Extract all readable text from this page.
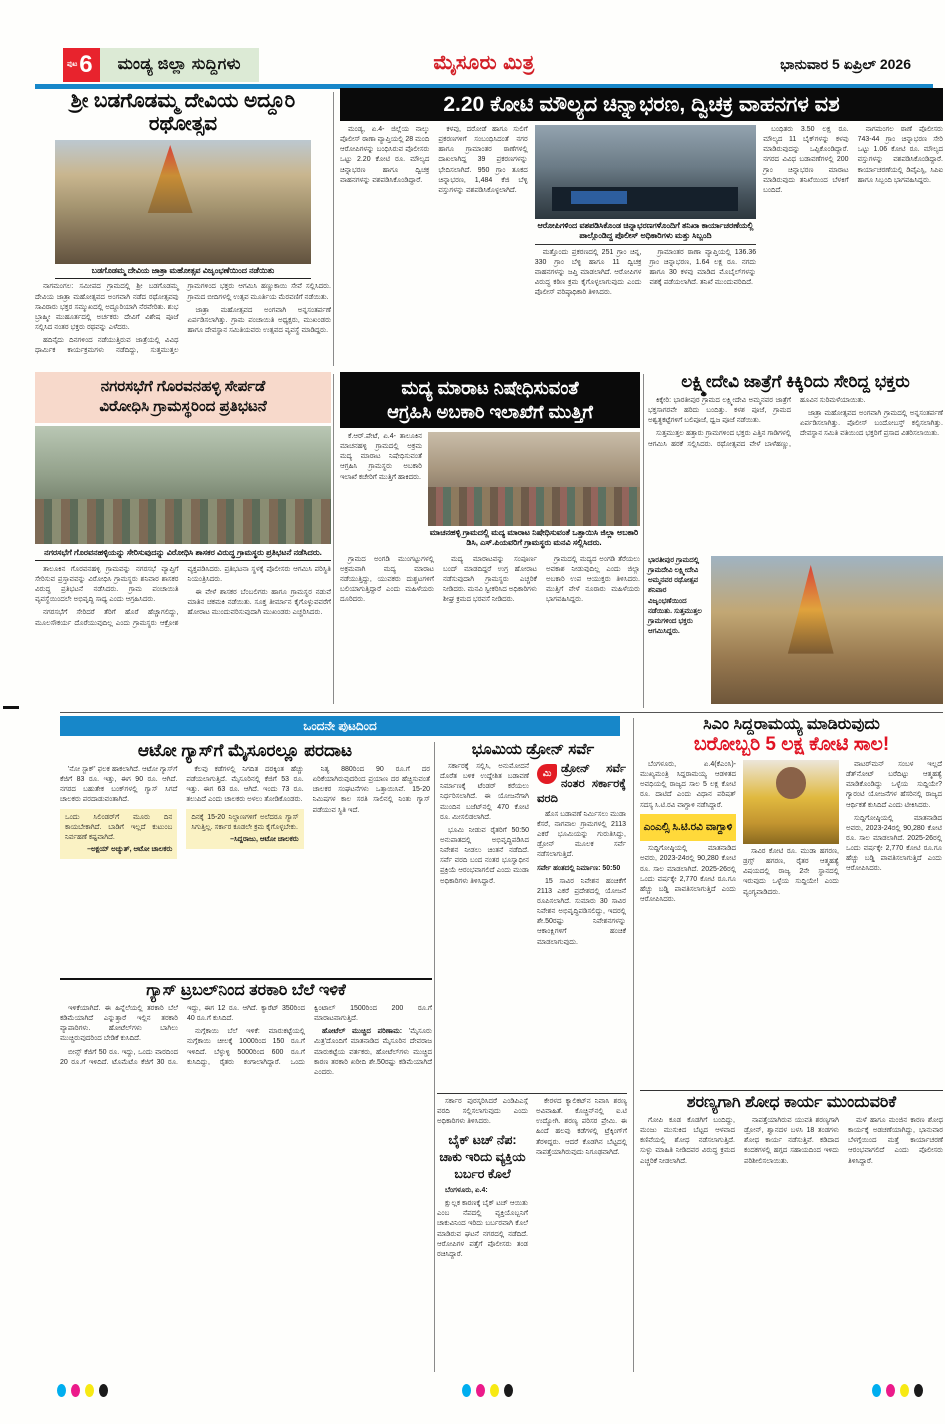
ಪುಟ 6	ಮಂಡ್ಯ ಜಿಲ್ಲಾ ಸುದ್ದಿಗಳು	ಮೈಸೂರು ಮಿತ್ರ	ಭಾನುವಾರ 5 ಏಪ್ರಿಲ್ 2026
ಶ್ರೀ ಬಡಗೊಡಮ್ಮ ದೇವಿಯ ಅದ್ದೂರಿ ರಥೋತ್ಸವ
ಬಡಗೊಡಮ್ಮ ದೇವಿಯ ಜಾತ್ರಾ ಮಹೋತ್ಸವ ವಿಜೃಂಭಣೆಯಿಂದ ನಡೆಯಿತು

ನಾಗಮಂಗಲ: ಸಮೀಪದ ಗ್ರಾಮದಲ್ಲಿ ಶ್ರೀ ಬಡಗೊಡಮ್ಮ ದೇವಿಯ ಜಾತ್ರಾ ಮಹೋತ್ಸವದ ಅಂಗವಾಗಿ ನಡೆದ ರಥೋತ್ಸವವು ಸಾವಿರಾರು ಭಕ್ತರ ಸಮ್ಮುಖದಲ್ಲಿ ಅದ್ದೂರಿಯಾಗಿ ನೆರವೇರಿತು. ಶುಭ ಬ್ರಾಹ್ಮೀ ಮುಹೂರ್ತದಲ್ಲಿ ಅರ್ಚಕರು ದೇವಿಗೆ ವಿಶೇಷ ಪೂಜೆ ಸಲ್ಲಿಸಿದ ನಂತರ ಭಕ್ತರು ರಥವನ್ನು ಎಳೆದರು.

ಹದಿನೈದು ದಿನಗಳಿಂದ ನಡೆಯುತ್ತಿರುವ ಜಾತ್ರೆಯಲ್ಲಿ ವಿವಿಧ ಧಾರ್ಮಿಕ ಕಾರ್ಯಕ್ರಮಗಳು ನಡೆದಿದ್ದು, ಸುತ್ತಮುತ್ತಲ ಗ್ರಾಮಗಳಿಂದ ಭಕ್ತರು ಆಗಮಿಸಿ ಹಣ್ಣುಕಾಯಿ ಸೇವೆ ಸಲ್ಲಿಸಿದರು. ಗ್ರಾಮದ ಬೀದಿಗಳಲ್ಲಿ ಉತ್ಸವ ಮೂರ್ತಿಯ ಮೆರವಣಿಗೆ ನಡೆಯಿತು.

ಜಾತ್ರಾ ಮಹೋತ್ಸವದ ಅಂಗವಾಗಿ ಅನ್ನಸಂತರ್ಪಣೆ ಏರ್ಪಡಿಸಲಾಗಿತ್ತು. ಗ್ರಾಮ ಪಂಚಾಯಿತಿ ಅಧ್ಯಕ್ಷರು, ಮುಖಂಡರು ಹಾಗೂ ದೇವಸ್ಥಾನ ಸಮಿತಿಯವರು ಉತ್ಸವದ ವ್ಯವಸ್ಥೆ ಮಾಡಿದ್ದರು.

2.20 ಕೋಟಿ ಮೌಲ್ಯದ ಚಿನ್ನಾಭರಣ, ದ್ವಿಚಕ್ರ ವಾಹನಗಳ ವಶ

ಮಂಡ್ಯ, ಏ.4- ಜಿಲ್ಲೆಯ ನಾಲ್ಕು ಪೊಲೀಸ್ ಠಾಣಾ ವ್ಯಾಪ್ತಿಯಲ್ಲಿ 28 ಮಂದಿ ಆರೋಪಿಗಳನ್ನು ಬಂಧಿಸಿರುವ ಪೊಲೀಸರು ಒಟ್ಟು 2.20 ಕೋಟಿ ರೂ. ಮೌಲ್ಯದ ಚಿನ್ನಾಭರಣ ಹಾಗೂ ದ್ವಿಚಕ್ರ ವಾಹನಗಳನ್ನು ವಶಪಡಿಸಿಕೊಂಡಿದ್ದಾರೆ.

ಕಳವು, ದರೋಡೆ ಹಾಗೂ ಸುಲಿಗೆ ಪ್ರಕರಣಗಳಿಗೆ ಸಂಬಂಧಿಸಿದಂತೆ ನಗರ ಹಾಗೂ ಗ್ರಾಮಾಂತರ ಠಾಣೆಗಳಲ್ಲಿ ದಾಖಲಾಗಿದ್ದ 39 ಪ್ರಕರಣಗಳನ್ನು ಭೇದಿಸಲಾಗಿದೆ. 950 ಗ್ರಾಂ ತೂಕದ ಚಿನ್ನಾಭರಣ, 1,484 ಕೆಜಿ ಬೆಳ್ಳಿ ವಸ್ತುಗಳನ್ನು ವಶಪಡಿಸಿಕೊಳ್ಳಲಾಗಿದೆ.

ಆರೋಪಿಗಳಿಂದ ವಶಪಡಿಸಿಕೊಂಡ ಚಿನ್ನಾಭರಣಗಳೊಂದಿಗೆ ತನಿಖಾ ಕಾರ್ಯಾಚರಣೆಯಲ್ಲಿ ಪಾಲ್ಗೊಂಡಿದ್ದ ಪೊಲೀಸ್ ಅಧಿಕಾರಿಗಳು ಮತ್ತು ಸಿಬ್ಬಂದಿ

ಮತ್ತೊಂದು ಪ್ರಕರಣದಲ್ಲಿ 251 ಗ್ರಾಂ ಚಿನ್ನ, 330 ಗ್ರಾಂ ಬೆಳ್ಳಿ ಹಾಗೂ 11 ದ್ವಿಚಕ್ರ ವಾಹನಗಳನ್ನು ಜಪ್ತಿ ಮಾಡಲಾಗಿದೆ. ಆರೋಪಿಗಳ ವಿರುದ್ಧ ಕಠಿಣ ಕ್ರಮ ಕೈಗೊಳ್ಳಲಾಗುವುದು ಎಂದು ಪೊಲೀಸ್ ವರಿಷ್ಠಾಧಿಕಾರಿ ತಿಳಿಸಿದರು.

ಗ್ರಾಮಾಂತರ ಠಾಣಾ ವ್ಯಾಪ್ತಿಯಲ್ಲಿ 136.36 ಗ್ರಾಂ ಚಿನ್ನಾಭರಣ, 1.64 ಲಕ್ಷ ರೂ. ನಗದು ಹಾಗೂ 30 ಕಳವು ಮಾಡಿದ ಮೊಬೈಲ್‌ಗಳನ್ನು ವಶಕ್ಕೆ ಪಡೆಯಲಾಗಿದೆ. ತನಿಖೆ ಮುಂದುವರಿದಿದೆ.

ಬಂಧಿತರು 3.50 ಲಕ್ಷ ರೂ. ಮೌಲ್ಯದ 11 ಬೈಕ್‌ಗಳನ್ನು ಕಳವು ಮಾಡಿರುವುದನ್ನು ಒಪ್ಪಿಕೊಂಡಿದ್ದಾರೆ. ನಗರದ ವಿವಿಧ ಬಡಾವಣೆಗಳಲ್ಲಿ 200 ಗ್ರಾಂ ಚಿನ್ನಾಭರಣ ಮಾರಾಟ ಮಾಡಿರುವುದು ತನಿಖೆಯಿಂದ ಬೆಳಕಿಗೆ ಬಂದಿದೆ.

ನಾಗಮಂಗಲ ಠಾಣೆ ಪೊಲೀಸರು 743-44 ಗ್ರಾಂ ಚಿನ್ನಾಭರಣ ಸೇರಿ ಒಟ್ಟು 1.06 ಕೋಟಿ ರೂ. ಮೌಲ್ಯದ ವಸ್ತುಗಳನ್ನು ವಶಪಡಿಸಿಕೊಂಡಿದ್ದಾರೆ. ಕಾರ್ಯಾಚರಣೆಯಲ್ಲಿ ಡಿವೈಎಸ್ಪಿ, ಸಿಪಿಐ ಹಾಗೂ ಸಿಬ್ಬಂದಿ ಭಾಗವಹಿಸಿದ್ದರು.

ನಗರಸಭೆಗೆ ಗೊರವನಹಳ್ಳಿ ಸೇರ್ಪಡೆ
ವಿರೋಧಿಸಿ ಗ್ರಾಮಸ್ಥರಿಂದ ಪ್ರತಿಭಟನೆ
ನಗರಸಭೆಗೆ ಗೊರವನಹಳ್ಳಿಯನ್ನು ಸೇರಿಸುವುದನ್ನು ವಿರೋಧಿಸಿ ಶಾಸಕರ ವಿರುದ್ಧ ಗ್ರಾಮಸ್ಥರು ಪ್ರತಿಭಟನೆ ನಡೆಸಿದರು.

ತಾಲೂಕಿನ ಗೊರವನಹಳ್ಳಿ ಗ್ರಾಮವನ್ನು ನಗರಸಭೆ ವ್ಯಾಪ್ತಿಗೆ ಸೇರಿಸುವ ಪ್ರಸ್ತಾವವನ್ನು ವಿರೋಧಿಸಿ ಗ್ರಾಮಸ್ಥರು ಶನಿವಾರ ಶಾಸಕರ ವಿರುದ್ಧ ಪ್ರತಿಭಟನೆ ನಡೆಸಿದರು. ಗ್ರಾಮ ಪಂಚಾಯಿತಿ ವ್ಯವಸ್ಥೆಯಿಂದಲೇ ಅಭಿವೃದ್ಧಿ ಸಾಧ್ಯ ಎಂದು ಆಗ್ರಹಿಸಿದರು.

ನಗರಸಭೆಗೆ ಸೇರಿದರೆ ತೆರಿಗೆ ಹೊರೆ ಹೆಚ್ಚಾಗಲಿದ್ದು, ಮೂಲಸೌಕರ್ಯ ದೊರೆಯುವುದಿಲ್ಲ ಎಂದು ಗ್ರಾಮಸ್ಥರು ಆಕ್ರೋಶ ವ್ಯಕ್ತಪಡಿಸಿದರು. ಪ್ರತಿಭಟನಾ ಸ್ಥಳಕ್ಕೆ ಪೊಲೀಸರು ಆಗಮಿಸಿ ಪರಿಸ್ಥಿತಿ ನಿಯಂತ್ರಿಸಿದರು.

ಈ ವೇಳೆ ಶಾಸಕರ ಬೆಂಬಲಿಗರು ಹಾಗೂ ಗ್ರಾಮಸ್ಥರ ನಡುವೆ ಮಾತಿನ ಚಕಮಕಿ ನಡೆಯಿತು. ಸೂಕ್ತ ತೀರ್ಮಾನ ಕೈಗೊಳ್ಳುವವರೆಗೆ ಹೋರಾಟ ಮುಂದುವರಿಸುವುದಾಗಿ ಮುಖಂಡರು ಎಚ್ಚರಿಸಿದರು.

ಮದ್ಯ ಮಾರಾಟ ನಿಷೇಧಿಸುವಂತೆ
ಆಗ್ರಹಿಸಿ ಅಬಕಾರಿ ಇಲಾಖೆಗೆ ಮುತ್ತಿಗೆ

ಕೆ.ಆರ್.ಪೇಟೆ, ಏ.4- ತಾಲೂಕಿನ ಮಾಚನಹಳ್ಳಿ ಗ್ರಾಮದಲ್ಲಿ ಅಕ್ರಮ ಮದ್ಯ ಮಾರಾಟ ನಿಷೇಧಿಸುವಂತೆ ಆಗ್ರಹಿಸಿ ಗ್ರಾಮಸ್ಥರು ಅಬಕಾರಿ ಇಲಾಖೆ ಕಚೇರಿಗೆ ಮುತ್ತಿಗೆ ಹಾಕಿದರು.

ಮಾಚನಹಳ್ಳಿ ಗ್ರಾಮದಲ್ಲಿ ಮದ್ಯ ಮಾರಾಟ ನಿಷೇಧಿಸುವಂತೆ ಒತ್ತಾಯಿಸಿ ಜಿಲ್ಲಾ ಅಬಕಾರಿ ಡಿಸಿ, ಎಸ್.ಪಿಯವರಿಗೆ ಗ್ರಾಮಸ್ಥರು ಮನವಿ ಸಲ್ಲಿಸಿದರು.

ಗ್ರಾಮದ ಅಂಗಡಿ ಮುಂಗಟ್ಟುಗಳಲ್ಲಿ ಅಕ್ರಮವಾಗಿ ಮದ್ಯ ಮಾರಾಟ ನಡೆಯುತ್ತಿದ್ದು, ಯುವಕರು ದುಶ್ಚಟಗಳಿಗೆ ಬಲಿಯಾಗುತ್ತಿದ್ದಾರೆ ಎಂದು ಮಹಿಳೆಯರು ದೂರಿದರು.

ಮದ್ಯ ಮಾರಾಟವನ್ನು ಸಂಪೂರ್ಣ ಬಂದ್ ಮಾಡದಿದ್ದರೆ ಉಗ್ರ ಹೋರಾಟ ನಡೆಸುವುದಾಗಿ ಗ್ರಾಮಸ್ಥರು ಎಚ್ಚರಿಕೆ ನೀಡಿದರು. ಮನವಿ ಸ್ವೀಕರಿಸಿದ ಅಧಿಕಾರಿಗಳು ಶೀಘ್ರ ಕ್ರಮದ ಭರವಸೆ ನೀಡಿದರು.

ಗ್ರಾಮದಲ್ಲಿ ಮದ್ಯದ ಅಂಗಡಿ ತೆರೆಯಲು ಅವಕಾಶ ನೀಡುವುದಿಲ್ಲ ಎಂದು ಜಿಲ್ಲಾ ಅಬಕಾರಿ ಉಪ ಆಯುಕ್ತರು ತಿಳಿಸಿದರು. ಮುತ್ತಿಗೆ ವೇಳೆ ನೂರಾರು ಮಹಿಳೆಯರು ಭಾಗವಹಿಸಿದ್ದರು.

ಲಕ್ಷ್ಮೀದೇವಿ ಜಾತ್ರೆಗೆ ಕಿಕ್ಕಿರಿದು ಸೇರಿದ್ದ ಭಕ್ತರು

ಕಿಕ್ಕೇರಿ: ಭಾರತೀಪುರ ಗ್ರಾಮದ ಲಕ್ಷ್ಮೀದೇವಿ ಅಮ್ಮನವರ ಜಾತ್ರೆಗೆ ಭಕ್ತಸಾಗರವೇ ಹರಿದು ಬಂದಿತ್ತು. ಕಳಶ ಪೂಜೆ, ಗ್ರಾಮದ ಅಶ್ವತ್ಥಕಟ್ಟೆಗಳಿಗೆ ಬಲಿಪೂಜೆ, ಧ್ವಜ ಪೂಜೆ ನಡೆಯಿತು.

ಸುತ್ತಮುತ್ತಲ ಹತ್ತಾರು ಗ್ರಾಮಗಳಿಂದ ಭಕ್ತರು ಎತ್ತಿನ ಗಾಡಿಗಳಲ್ಲಿ ಆಗಮಿಸಿ ಹರಕೆ ಸಲ್ಲಿಸಿದರು. ರಥೋತ್ಸವದ ವೇಳೆ ಬಾಳೆಹಣ್ಣು, ಹೂವಿನ ಸುರಿಮಳೆಯಾಯಿತು.

ಜಾತ್ರಾ ಮಹೋತ್ಸವದ ಅಂಗವಾಗಿ ಗ್ರಾಮದಲ್ಲಿ ಅನ್ನಸಂತರ್ಪಣೆ ಏರ್ಪಡಿಸಲಾಗಿತ್ತು. ಪೊಲೀಸ್ ಬಂದೋಬಸ್ತ್ ಕಲ್ಪಿಸಲಾಗಿತ್ತು. ದೇವಸ್ಥಾನ ಸಮಿತಿ ವತಿಯಿಂದ ಭಕ್ತರಿಗೆ ಪ್ರಸಾದ ವಿತರಿಸಲಾಯಿತು.

ಭಾರತೀಪುರ ಗ್ರಾಮದಲ್ಲಿ ಗ್ರಾಮದೇವಿ ಲಕ್ಷ್ಮೀದೇವಿ ಅಮ್ಮನವರ ರಥೋತ್ಸವ ಶನಿವಾರ ವಿಜೃಂಭಣೆಯಿಂದ ನಡೆಯಿತು. ಸುತ್ತಮುತ್ತಲ ಗ್ರಾಮಗಳಿಂದ ಭಕ್ತರು ಆಗಮಿಸಿದ್ದರು.
ಒಂದನೇ ಪುಟದಿಂದ
ಆಟೋ ಗ್ಯಾಸ್‌ಗೆ ಮೈಸೂರಲ್ಲೂ ಪರದಾಟ

'ನೋ ಸ್ಟಾಕ್' ಫಲಕ ಹಾಕಲಾಗಿದೆ. ಆಟೋ ಗ್ಯಾಸ್‌ಗೆ ಕೆಜಿಗೆ 83 ರೂ. ಇತ್ತು, ಈಗ 90 ರೂ. ಆಗಿದೆ. ನಗರದ ಬಹುತೇಕ ಬಂಕ್‌ಗಳಲ್ಲಿ ಗ್ಯಾಸ್ ಸಿಗದೆ ಚಾಲಕರು ಪರದಾಡುವಂತಾಗಿದೆ.

ಒಂದು ಸಿಲಿಂಡರ್‌ಗೆ ಮೂರು ದಿನ ಕಾಯಬೇಕಾಗಿದೆ. ಬಾಡಿಗೆ ಇಲ್ಲದೆ ಕುಟುಂಬ ನಿರ್ವಹಣೆ ಕಷ್ಟವಾಗಿದೆ.
–ಅಕ್ಷಯ್ ಅಚ್ಯುತ್, ಆಟೋ ಚಾಲಕರು

ಕೆಲವು ಕಡೆಗಳಲ್ಲಿ ನಿಗದಿತ ದರಕ್ಕಿಂತ ಹೆಚ್ಚು ಪಡೆಯಲಾಗುತ್ತಿದೆ. ಮೈಸೂರಿನಲ್ಲಿ ಕೆಜಿಗೆ 53 ರೂ. ಇತ್ತು. ಈಗ 63 ರೂ. ಆಗಿದೆ. ಇಂದು 73 ರೂ. ತಲುಪಿದೆ ಎಂದು ಚಾಲಕರು ಅಳಲು ತೋಡಿಕೊಂಡರು.

ದಿನಕ್ಕೆ 15-20 ನಿಲ್ದಾಣಗಳಿಗೆ ಅಲೆದರೂ ಗ್ಯಾಸ್ ಸಿಗುತ್ತಿಲ್ಲ. ಸರ್ಕಾರ ಕೂಡಲೇ ಕ್ರಮ ಕೈಗೊಳ್ಳಬೇಕು.
–ಸಿದ್ದರಾಜು, ಆಟೋ ಚಾಲಕರು

ನಿತ್ಯ 880ರಿಂದ 90 ರೂ.ಗೆ ದರ ಏರಿಕೆಯಾಗಿರುವುದರಿಂದ ಪ್ರಯಾಣ ದರ ಹೆಚ್ಚಿಸುವಂತೆ ಚಾಲಕರ ಸಂಘಟನೆಗಳು ಒತ್ತಾಯಿಸಿವೆ. 15-20 ನಿಮಿಷಗಳ ಕಾಲ ಸರತಿ ಸಾಲಿನಲ್ಲಿ ನಿಂತು ಗ್ಯಾಸ್ ಪಡೆಯುವ ಸ್ಥಿತಿ ಇದೆ.

ಭೂಮಿಯ ಡ್ರೋನ್ ಸರ್ವೆ

ಸರ್ಕಾರಕ್ಕೆ ಸಲ್ಲಿಸಿ, ಅನುಮೋದನೆ ದೊರೆತ ಬಳಿಕ ಉದ್ದೇಶಿತ ಬಡಾವಣೆ ನಿರ್ಮಾಣಕ್ಕೆ ಟೆಂಡರ್ ಕರೆಯಲು ನಿರ್ಧರಿಸಲಾಗಿದೆ. ಈ ಯೋಜನೆಗಾಗಿ ಮುಂದಿನ ಬಜೆಟ್‌ನಲ್ಲಿ 470 ಕೋಟಿ ರೂ. ಮೀಸಲಿಡಲಾಗಿದೆ.

ಭೂಮಿ ನೀಡುವ ರೈತರಿಗೆ 50:50 ಅನುಪಾತದಲ್ಲಿ ಅಭಿವೃದ್ಧಿಪಡಿಸಿದ ನಿವೇಶನ ನೀಡಲು ಚಿಂತನೆ ನಡೆದಿದೆ. ಸರ್ವೆ ವರದಿ ಬಂದ ನಂತರ ಭೂಸ್ವಾಧೀನ ಪ್ರಕ್ರಿಯೆ ಆರಂಭವಾಗಲಿದೆ ಎಂದು ಮುಡಾ ಅಧಿಕಾರಿಗಳು ತಿಳಿಸಿದ್ದಾರೆ.

ಮಿ ಡ್ರೋನ್ ಸರ್ವೆ ನಂತರ ಸರ್ಕಾರಕ್ಕೆ ವರದಿ

ಹೊಸ ಬಡಾವಣೆ ನಿರ್ಮಿಸಲು ಮುಡಾ ಕೆಸರೆ, ನಾಗವಾಲ ಗ್ರಾಮಗಳಲ್ಲಿ 2113 ಎಕರೆ ಭೂಮಿಯನ್ನು ಗುರುತಿಸಿದ್ದು, ಡ್ರೋನ್ ಮೂಲಕ ಸರ್ವೆ ನಡೆಸಲಾಗುತ್ತಿದೆ.

ಸರ್ವೇ ಹಂತದಲ್ಲಿ ನಿರ್ಮಾಣ: 50:50

15 ಸಾವಿರ ನಿವೇಶನ ಹಂಚಿಕೆಗೆ 2113 ಎಕರೆ ಪ್ರದೇಶದಲ್ಲಿ ಯೋಜನೆ ರೂಪಿಸಲಾಗಿದೆ. ಸುಮಾರು 30 ಸಾವಿರ ನಿವೇಶನ ಅಭಿವೃದ್ಧಿಪಡಿಸಲಿದ್ದು, ಇದರಲ್ಲಿ ಶೇ.50ರಷ್ಟು ನಿವೇಶನಗಳನ್ನು ಆಕಾಂಕ್ಷಿಗಳಿಗೆ ಹಂಚಿಕೆ ಮಾಡಲಾಗುವುದು.

ಸಿಎಂ ಸಿದ್ದರಾಮಯ್ಯ ಮಾಡಿರುವುದು
ಬರೋಬ್ಬರಿ 5 ಲಕ್ಷ ಕೋಟಿ ಸಾಲ!

ಬೆಂಗಳೂರು, ಏ.4(ಕೆಎಂಸಿ)- ಮುಖ್ಯಮಂತ್ರಿ ಸಿದ್ದರಾಮಯ್ಯ ಆಡಳಿತದ ಅವಧಿಯಲ್ಲಿ ರಾಜ್ಯದ ಸಾಲ 5 ಲಕ್ಷ ಕೋಟಿ ರೂ. ದಾಟಿದೆ ಎಂದು ವಿಧಾನ ಪರಿಷತ್ ಸದಸ್ಯ ಸಿ.ಟಿ.ರವಿ ವಾಗ್ದಾಳಿ ನಡೆಸಿದ್ದಾರೆ.

ಎಂಎಲ್ಸಿ ಸಿ.ಟಿ.ರವಿ ವಾಗ್ದಾಳಿ

ಸುದ್ದಿಗೋಷ್ಠಿಯಲ್ಲಿ ಮಾತನಾಡಿದ ಅವರು, 2023-24ರಲ್ಲಿ 90,280 ಕೋಟಿ ರೂ. ಸಾಲ ಮಾಡಲಾಗಿದೆ. 2025-26ರಲ್ಲಿ ಒಂದು ವರ್ಷಕ್ಕೇ 2,770 ಕೋಟಿ ರೂ.ಗೂ ಹೆಚ್ಚು ಬಡ್ಡಿ ಪಾವತಿಸಲಾಗುತ್ತಿದೆ ಎಂದು ಆರೋಪಿಸಿದರು.

ಸಾವಿರ ಕೋಟಿ ರೂ. ಮುಡಾ ಹಗರಣ, ಡ್ರಗ್ಸ್ ಹಗರಣ, ರೈತರ ಆತ್ಮಹತ್ಯೆ ವಿಷಯದಲ್ಲಿ ರಾಜ್ಯ 2ನೇ ಸ್ಥಾನದಲ್ಲಿ ಇರುವುದು ಒಳ್ಳೆಯ ಸುದ್ದಿಯೇ! ಎಂದು ವ್ಯಂಗ್ಯವಾಡಿದರು.

ವಾಟರ್‌ಮನ್ ಸಂಬಳ ಇಲ್ಲದೆ ಡೆತ್‌ನೋಟ್ ಬರೆದಿಟ್ಟು ಆತ್ಮಹತ್ಯೆ ಮಾಡಿಕೊಂಡಿದ್ದು ಒಳ್ಳೆಯ ಸುದ್ದಿಯೇ? ಗ್ಯಾರಂಟಿ ಯೋಜನೆಗಳ ಹೆಸರಿನಲ್ಲಿ ರಾಜ್ಯದ ಆರ್ಥಿಕತೆ ಕುಸಿದಿದೆ ಎಂದು ಟೀಕಿಸಿದರು.

ಸುದ್ದಿಗೋಷ್ಠಿಯಲ್ಲಿ ಮಾತನಾಡಿದ ಅವರು, 2023-24ರಲ್ಲಿ 90,280 ಕೋಟಿ ರೂ. ಸಾಲ ಮಾಡಲಾಗಿದೆ. 2025-26ರಲ್ಲಿ ಒಂದು ವರ್ಷಕ್ಕೇ 2,770 ಕೋಟಿ ರೂ.ಗೂ ಹೆಚ್ಚು ಬಡ್ಡಿ ಪಾವತಿಸಲಾಗುತ್ತಿದೆ ಎಂದು ಆರೋಪಿಸಿದರು.

ಗ್ಯಾಸ್ ಟ್ರಬಲ್‌ನಿಂದ ತರಕಾರಿ ಬೆಲೆ ಇಳಿಕೆ

ಇಳಿಕೆಯಾಗಿದೆ. ಈ ಹಿನ್ನೆಲೆಯಲ್ಲಿ ತರಕಾರಿ ಬೆಲೆ ಕಡಿಮೆಯಾಗಿದೆ ಎನ್ನುತ್ತಾರೆ ಇಲ್ಲಿನ ತರಕಾರಿ ವ್ಯಾಪಾರಿಗಳು. ಹೋಟೆಲ್‌ಗಳು ಬಾಗಿಲು ಮುಚ್ಚಿರುವುದರಿಂದ ಬೇಡಿಕೆ ಕುಸಿದಿದೆ.

ಬೀನ್ಸ್ ಕೆಜಿಗೆ 50 ರೂ. ಇದ್ದು, ಒಂದು ವಾರದಿಂದ 20 ರೂ.ಗೆ ಇಳಿದಿದೆ. ಟೊಮೆಟೊ ಕೆಜಿಗೆ 30 ರೂ. ಇದ್ದು, ಈಗ 12 ರೂ. ಆಗಿದೆ. ಕ್ಯಾರೆಟ್ 350ರಿಂದ 40 ರೂ.ಗೆ ಕುಸಿದಿದೆ.

ನುಗ್ಗೆಕಾಯಿ ಬೆಲೆ ಇಳಿಕೆ: ಮಾರುಕಟ್ಟೆಯಲ್ಲಿ ನುಗ್ಗೆಕಾಯಿ ಚೀಲಕ್ಕೆ 1000ರಿಂದ 150 ರೂ.ಗೆ ಇಳಿದಿದೆ. ಬೆಳ್ಳುಳ್ಳಿ 5000ರಿಂದ 600 ರೂ.ಗೆ ಕುಸಿದಿದ್ದು, ರೈತರು ಕಂಗಾಲಾಗಿದ್ದಾರೆ. ಒಂದು ಕ್ವಿಂಟಾಲ್ 1500ರಿಂದ 200 ರೂ.ಗೆ ಮಾರಾಟವಾಗುತ್ತಿದೆ.

ಹೋಟೆಲ್ ಮುಚ್ಚಿದ ಪರಿಣಾಮ: 'ಮೈಸೂರು ಮಿತ್ರ'ದೊಂದಿಗೆ ಮಾತನಾಡಿದ ಮೈಸೂರಿನ ದೇವರಾಜ ಮಾರುಕಟ್ಟೆಯ ವರ್ತಕರು, ಹೋಟೆಲ್‌ಗಳು ಮುಚ್ಚಿದ ಕಾರಣ ತರಕಾರಿ ಖರೀದಿ ಶೇ.50ರಷ್ಟು ಕಡಿಮೆಯಾಗಿದೆ ಎಂದರು.

ಸರ್ಕಾರ ಪುರಸ್ಕರಿಸಿದರೆ ಎಂಡಿಪಿಎಸ್ಗೆ ವರದಿ ಸಲ್ಲಿಸಲಾಗುವುದು ಎಂದು ಅಧಿಕಾರಿಗಳು ತಿಳಿಸಿದರು.

ಬೈಕ್ ಟಚ್ ನೆಪ:
ಚಾಕು ಇರಿದು ವ್ಯಕ್ತಿಯ
ಬರ್ಬರ ಕೊಲೆ

ಬೆಂಗಳೂರು, ಏ.4:

ಕ್ಷುಲ್ಲಕ ಕಾರಣಕ್ಕೆ ಬೈಕ್ ಟಚ್ ಆಯಿತು ಎಂಬ ನೆಪದಲ್ಲಿ ವ್ಯಕ್ತಿಯೊಬ್ಬನಿಗೆ ಚಾಕುವಿನಿಂದ ಇರಿದು ಬರ್ಬರವಾಗಿ ಕೊಲೆ ಮಾಡಿರುವ ಘಟನೆ ನಗರದಲ್ಲಿ ನಡೆದಿದೆ. ಆರೋಪಿಗಳ ಪತ್ತೆಗೆ ಪೊಲೀಸರು ತಂಡ ರಚಿಸಿದ್ದಾರೆ.

ಕೇರಳದ ಕ್ಯಾಲಿಕಟ್‌ನ ನಿವಾಸಿ ಶರಣ್ಯ ಅವಿವಾಹಿತೆ. ಕೊಚ್ಚಿನ್‌ನಲ್ಲಿ ಐ.ಟಿ ಉದ್ಯೋಗಿ. ಶರಣ್ಯ ಪರಿಸರ ಪ್ರೇಮಿ. ಈ ಹಿಂದೆ ಹಲವು ಕಡೆಗಳಲ್ಲಿ ಟ್ರೆಕ್ಕಿಂಗ್‌ಗೆ ತೆರಳಿದ್ದರು. ಆದರೆ ಕೊಡಗಿನ ಬೆಟ್ಟದಲ್ಲಿ ನಾಪತ್ತೆಯಾಗಿರುವುದು ನಿಗೂಢವಾಗಿದೆ.

ಶರಣ್ಯಗಾಗಿ ಶೋಧ ಕಾರ್ಯ ಮುಂದುವರಿಕೆ

ಗೋಪಿ ಕೂಡ ಕೊಡಗಿಗೆ ಬಂದಿದ್ದು, ಮಂಜು ಮುಸುಕಿದ ಬೆಟ್ಟದ ಆಳವಾದ ಕಣಿವೆಯಲ್ಲಿ ಶೋಧ ನಡೆಸಲಾಗುತ್ತಿದೆ. ಸುಳ್ಳು ಮಾಹಿತಿ ನೀಡಿದವರ ವಿರುದ್ಧ ಕ್ರಮದ ಎಚ್ಚರಿಕೆ ನೀಡಲಾಗಿದೆ.

ನಾಪತ್ತೆಯಾಗಿರುವ ಯುವತಿ ಶರಣ್ಯಗಾಗಿ ಡ್ರೋನ್, ಶ್ವಾನದಳ ಬಳಸಿ 18 ತಂಡಗಳು ಶೋಧ ಕಾರ್ಯ ನಡೆಸುತ್ತಿವೆ. ಕಡಿದಾದ ಕಂದಕಗಳಲ್ಲಿ ಹಗ್ಗದ ಸಹಾಯದಿಂದ ಇಳಿದು ಪರಿಶೀಲಿಸಲಾಯಿತು.

ಮಳೆ ಹಾಗೂ ಮಂಜಿನ ಕಾರಣ ಶೋಧ ಕಾರ್ಯಕ್ಕೆ ಅಡಚಣೆಯಾಗಿದ್ದು, ಭಾನುವಾರ ಬೆಳಗ್ಗೆಯಿಂದ ಮತ್ತೆ ಕಾರ್ಯಾಚರಣೆ ಆರಂಭವಾಗಲಿದೆ ಎಂದು ಪೊಲೀಸರು ತಿಳಿಸಿದ್ದಾರೆ.
